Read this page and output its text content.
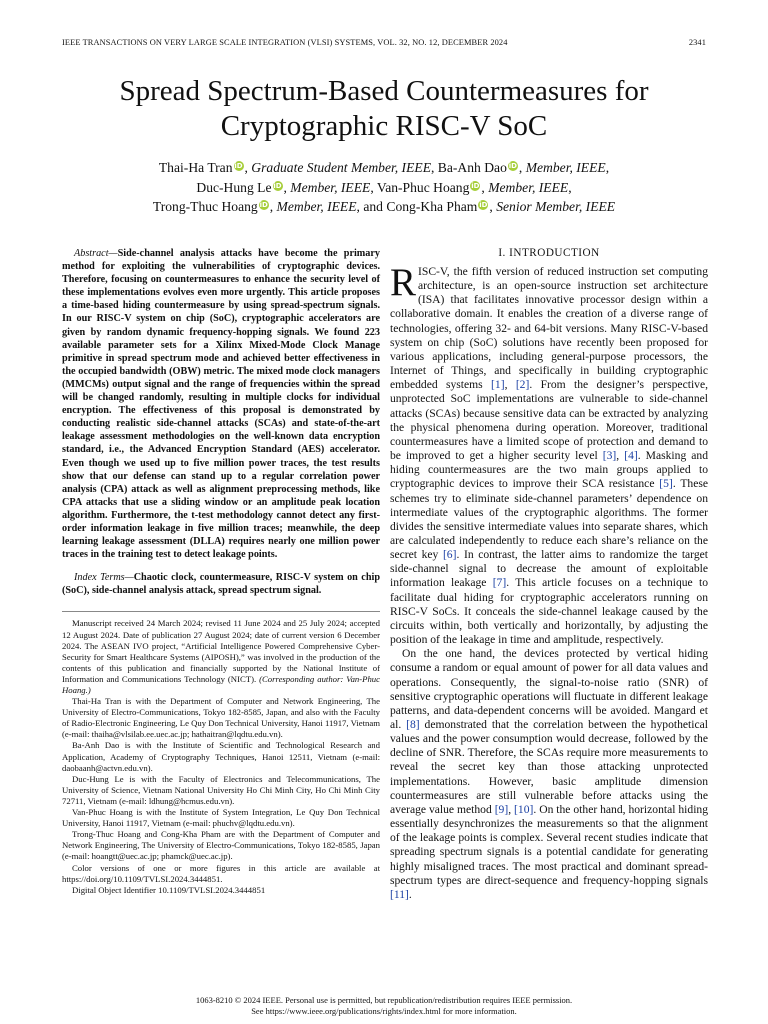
IEEE TRANSACTIONS ON VERY LARGE SCALE INTEGRATION (VLSI) SYSTEMS, VOL. 32, NO. 12, DECEMBER 2024	2341
Spread Spectrum-Based Countermeasures for
Cryptographic RISC-V SoC
Thai-Ha Tran iD , Graduate Student Member, IEEE, Ba-Anh Dao iD , Member, IEEE,
Duc-Hung Le iD , Member, IEEE, Van-Phuc Hoang iD , Member, IEEE,
Trong-Thuc Hoang iD , Member, IEEE, and Cong-Kha Pham iD , Senior Member, IEEE

Abstract—Side-channel analysis attacks have become the primary method for exploiting the vulnerabilities of cryptographic devices. Therefore, focusing on countermeasures to enhance the security level of these implementations evolves even more urgently. This article proposes a time-based hiding countermeasure by using spread-spectrum signals. In our RISC-V system on chip (SoC), cryptographic accelerators are given by random dynamic frequency-hopping signals. We found 223 available parameter sets for a Xilinx Mixed-Mode Clock Manage primitive in spread spectrum mode and achieved better effectiveness in the occupied bandwidth (OBW) metric. The mixed mode clock managers (MMCMs) output signal and the range of frequencies within the spread will be changed randomly, resulting in multiple clocks for individual encryption. The effectiveness of this proposal is demonstrated by conducting realistic side-channel attacks (SCAs) and state-of-the-art leakage assessment methodologies on the well-known data encryption standard, i.e., the Advanced Encryption Standard (AES) accelerator. Even though we used up to five million power traces, the test results show that our defense can stand up to a regular correlation power analysis (CPA) attack as well as alignment preprocessing methods, like CPA attacks that use a sliding window or an amplitude peak location algorithm. Furthermore, the t-test methodology cannot detect any first-order information leakage in five million traces; meanwhile, the deep learning leakage assessment (DLLA) requires nearly one million power traces in the training test to detect leakage points.

Index Terms—Chaotic clock, countermeasure, RISC-V system on chip (SoC), side-channel analysis attack, spread spectrum signal.

Manuscript received 24 March 2024; revised 11 June 2024 and 25 July 2024; accepted 12 August 2024. Date of publication 27 August 2024; date of current version 6 December 2024. The ASEAN IVO project, “Artificial Intelligence Powered Comprehensive Cyber-Security for Smart Healthcare Systems (AIPOSH),” was involved in the production of the contents of this publication and financially supported by the National Institute of Information and Communications Technology (NICT). (Corresponding author: Van-Phuc Hoang.)

Thai-Ha Tran is with the Department of Computer and Network Engineering, The University of Electro-Communications, Tokyo 182-8585, Japan, and also with the Faculty of Radio-Electronic Engineering, Le Quy Don Technical University, Hanoi 11917, Vietnam (e-mail: thaiha@vlsilab.ee.uec.ac.jp; hathaitran@lqdtu.edu.vn).

Ba-Anh Dao is with the Institute of Scientific and Technological Research and Application, Academy of Cryptography Techniques, Hanoi 12511, Vietnam (e-mail: daobaanh@actvn.edu.vn).

Duc-Hung Le is with the Faculty of Electronics and Telecommunications, The University of Science, Vietnam National University Ho Chi Minh City, Ho Chi Minh City 72711, Vietnam (e-mail: ldhung@hcmus.edu.vn).

Van-Phuc Hoang is with the Institute of System Integration, Le Quy Don Technical University, Hanoi 11917, Vietnam (e-mail: phuchv@lqdtu.edu.vn).

Trong-Thuc Hoang and Cong-Kha Pham are with the Department of Computer and Network Engineering, The University of Electro-Communications, Tokyo 182-8585, Japan (e-mail: hoangtt@uec.ac.jp; phamck@uec.ac.jp).

Color versions of one or more figures in this article are available at https://doi.org/10.1109/TVLSI.2024.3444851.

Digital Object Identifier 10.1109/TVLSI.2024.3444851

I. INTRODUCTION

RISC-V, the fifth version of reduced instruction set computing architecture, is an open-source instruction set architecture (ISA) that facilitates innovative processor design within a collaborative domain. It enables the creation of a diverse range of technologies, offering 32- and 64-bit versions. Many RISC-V-based system on chip (SoC) solutions have recently been proposed for various applications, including general-purpose processors, the Internet of Things, and specifically in building cryptographic embedded systems [1], [2]. From the designer’s perspective, unprotected SoC implementations are vulnerable to side-channel attacks (SCAs) because sensitive data can be extracted by analyzing the physical phenomena during operation. Moreover, traditional countermeasures have a limited scope of protection and demand to be improved to get a higher security level [3], [4]. Masking and hiding countermeasures are the two main groups applied to cryptographic devices to improve their SCA resistance [5]. These schemes try to eliminate side-channel parameters’ dependence on intermediate values of the cryptographic algorithms. The former divides the sensitive intermediate values into separate shares, which are calculated independently to reduce each share’s reliance on the secret key [6]. In contrast, the latter aims to randomize the target side-channel signal to decrease the amount of exploitable information leakage [7]. This article focuses on a technique to facilitate dual hiding for cryptographic accelerators running on RISC-V SoCs. It conceals the side-channel leakage caused by the circuits within, both vertically and horizontally, by adjusting the position of the leakage in time and amplitude, respectively.

On the one hand, the devices protected by vertical hiding consume a random or equal amount of power for all data values and operations. Consequently, the signal-to-noise ratio (SNR) of sensitive cryptographic operations will fluctuate in different leakage patterns, and data-dependent concerns will be avoided. Mangard et al. [8] demonstrated that the correlation between the hypothetical values and the power consumption would decrease, followed by the decline of SNR. Therefore, the SCAs require more measurements to reveal the secret key than those attacking unprotected implementations. However, basic amplitude dimension countermeasures are still vulnerable before attacks using the average value method [9], [10]. On the other hand, horizontal hiding essentially desynchronizes the measurements so that the alignment of the leakage points is complex. Several recent studies indicate that spreading spectrum signals is a potential candidate for generating highly misaligned traces. The most practical and dominant spread-spectrum types are direct-sequence and frequency-hopping signals [11].

1063-8210 © 2024 IEEE. Personal use is permitted, but republication/redistribution requires IEEE permission.
See https://www.ieee.org/publications/rights/index.html for more information.
